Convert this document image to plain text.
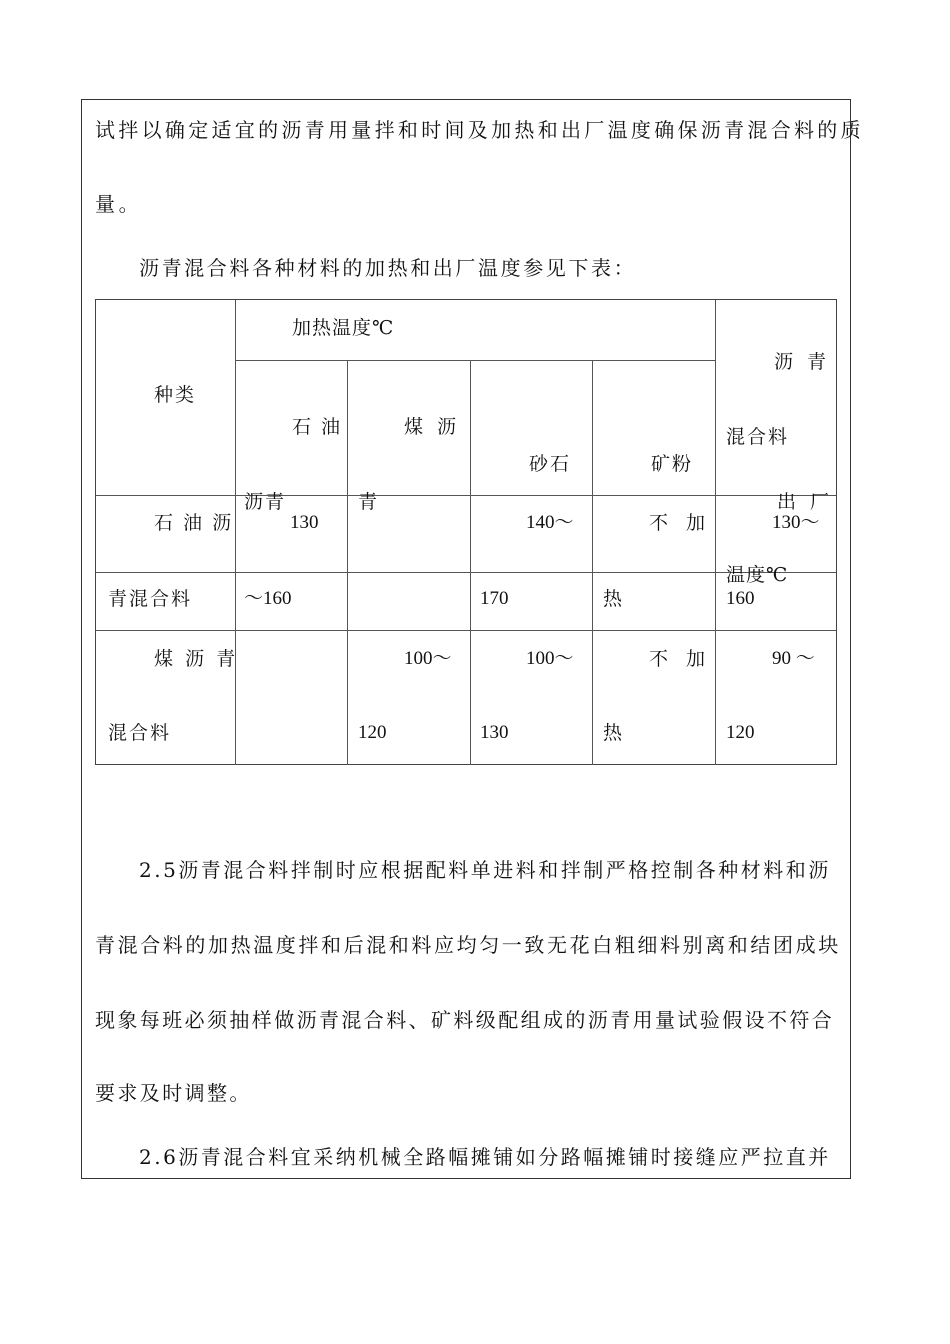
试拌以确定适宜的沥青用量拌和时间及加热和出厂温度确保沥青混合料的质
量。
沥青混合料各种材料的加热和出厂温度参见下表：
种类
加热温度℃
石 油
沥青
煤 沥
青
砂石	矿粉
沥 青
混合料
出 厂
温度℃
石 油 沥
青混合料
130
～160
140～
170
不 加
热
130～
160
煤 沥 青
混合料
100～
120
100～
130
不 加
热
90 ～
120
2.5沥青混合料拌制时应根据配料单进料和拌制严格控制各种材料和沥
青混合料的加热温度拌和后混和料应均匀一致无花白粗细料别离和结团成块
现象每班必须抽样做沥青混合料、矿料级配组成的沥青用量试验假设不符合
要求及时调整。
2.6沥青混合料宜采纳机械全路幅摊铺如分路幅摊铺时接缝应严拉直并
